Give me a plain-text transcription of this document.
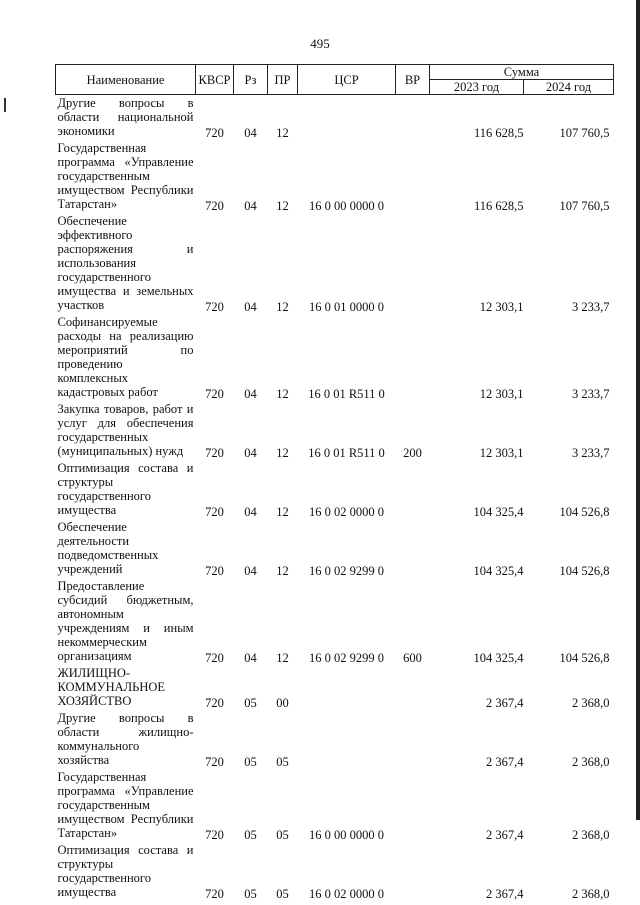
495
Наименование	КВСР	Рз	ПР	ЦСР	ВР	Сумма	
						2023 год	2024 год
Другие вопросы в области национальной экономики	720	04	12			116 628,5	107 760,5
Государственная программа «Управление государственным имуществом Республики Татарстан»	720	04	12	16 0 00 0000 0		116 628,5	107 760,5
Обеспечение эффективного распоряжения и использования государственного имущества и земельных участков	720	04	12	16 0 01 0000 0		12 303,1	3 233,7
Софинансируемые расходы на реализацию мероприятий по проведению комплексных кадастровых работ	720	04	12	16 0 01 R511 0		12 303,1	3 233,7
Закупка товаров, работ и услуг для обеспечения государственных (муниципальных) нужд	720	04	12	16 0 01 R511 0	200	12 303,1	3 233,7
Оптимизация состава и структуры государственного имущества	720	04	12	16 0 02 0000 0		104 325,4	104 526,8
Обеспечение деятельности подведомственных учреждений	720	04	12	16 0 02 9299 0		104 325,4	104 526,8
Предоставление субсидий бюджетным, автономным учреждениям и иным некоммерческим организациям	720	04	12	16 0 02 9299 0	600	104 325,4	104 526,8
ЖИЛИЩНО-КОММУНАЛЬНОЕ ХОЗЯЙСТВО	720	05	00			2 367,4	2 368,0
Другие вопросы в области жилищно-коммунального хозяйства	720	05	05			2 367,4	2 368,0
Государственная программа «Управление государственным имуществом Республики Татарстан»	720	05	05	16 0 00 0000 0		2 367,4	2 368,0
Оптимизация состава и структуры государственного имущества	720	05	05	16 0 02 0000 0		2 367,4	2 368,0
